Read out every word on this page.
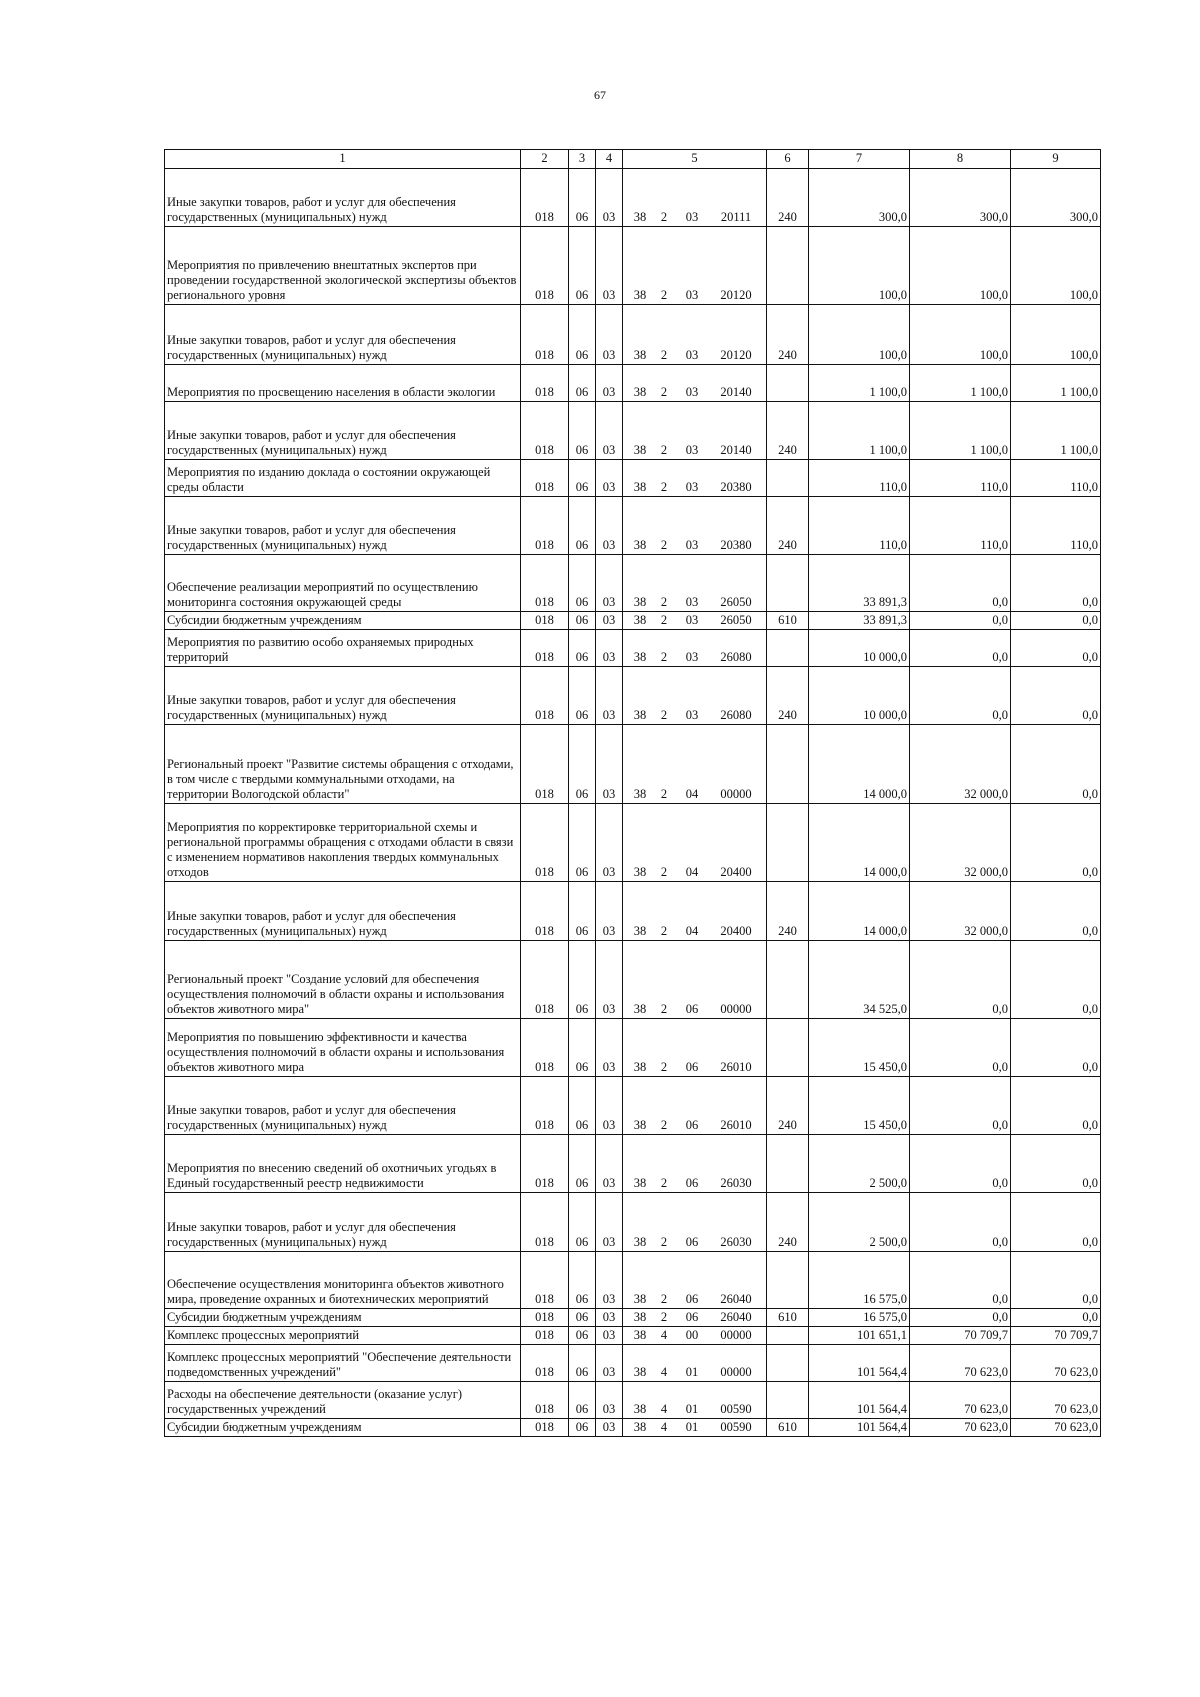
67
1	2	3	4	5	6	7	8	9
Иные закупки товаров, работ и услуг для обеспечения государственных (муниципальных) нужд	018	06	03	38 2 03 20111	240	300,0	300,0	300,0
Мероприятия по привлечению внештатных экспертов при проведении государственной экологической экспертизы объектов регионального уровня	018	06	03	38 2 03 20120		100,0	100,0	100,0
Иные закупки товаров, работ и услуг для обеспечения государственных (муниципальных) нужд	018	06	03	38 2 03 20120	240	100,0	100,0	100,0
Мероприятия по просвещению населения в области экологии	018	06	03	38 2 03 20140		1 100,0	1 100,0	1 100,0
Иные закупки товаров, работ и услуг для обеспечения государственных (муниципальных) нужд	018	06	03	38 2 03 20140	240	1 100,0	1 100,0	1 100,0
Мероприятия по изданию доклада о состоянии окружающей среды области	018	06	03	38 2 03 20380		110,0	110,0	110,0
Иные закупки товаров, работ и услуг для обеспечения государственных (муниципальных) нужд	018	06	03	38 2 03 20380	240	110,0	110,0	110,0
Обеспечение реализации мероприятий по осуществлению мониторинга состояния окружающей среды	018	06	03	38 2 03 26050		33 891,3	0,0	0,0
Субсидии бюджетным учреждениям	018	06	03	38 2 03 26050	610	33 891,3	0,0	0,0
Мероприятия по развитию особо охраняемых природных территорий	018	06	03	38 2 03 26080		10 000,0	0,0	0,0
Иные закупки товаров, работ и услуг для обеспечения государственных (муниципальных) нужд	018	06	03	38 2 03 26080	240	10 000,0	0,0	0,0
Региональный проект "Развитие системы обращения с отходами, в том числе с твердыми коммунальными отходами, на территории Вологодской области"	018	06	03	38 2 04 00000		14 000,0	32 000,0	0,0
Мероприятия по корректировке территориальной схемы и региональной программы обращения с отходами области в связи с изменением нормативов накопления твердых коммунальных отходов	018	06	03	38 2 04 20400		14 000,0	32 000,0	0,0
Иные закупки товаров, работ и услуг для обеспечения государственных (муниципальных) нужд	018	06	03	38 2 04 20400	240	14 000,0	32 000,0	0,0
Региональный проект "Создание условий для обеспечения осуществления полномочий в области охраны и использования объектов животного мира"	018	06	03	38 2 06 00000		34 525,0	0,0	0,0
Мероприятия по повышению эффективности и качества осуществления полномочий в области охраны и использования объектов животного мира	018	06	03	38 2 06 26010		15 450,0	0,0	0,0
Иные закупки товаров, работ и услуг для обеспечения государственных (муниципальных) нужд	018	06	03	38 2 06 26010	240	15 450,0	0,0	0,0
Мероприятия по внесению сведений об охотничьих угодьях в Единый государственный реестр недвижимости	018	06	03	38 2 06 26030		2 500,0	0,0	0,0
Иные закупки товаров, работ и услуг для обеспечения государственных (муниципальных) нужд	018	06	03	38 2 06 26030	240	2 500,0	0,0	0,0
Обеспечение осуществления мониторинга объектов животного мира, проведение охранных и биотехнических мероприятий	018	06	03	38 2 06 26040		16 575,0	0,0	0,0
Субсидии бюджетным учреждениям	018	06	03	38 2 06 26040	610	16 575,0	0,0	0,0
Комплекс процессных мероприятий	018	06	03	38 4 00 00000		101 651,1	70 709,7	70 709,7
Комплекс процессных мероприятий "Обеспечение деятельности подведомственных учреждений"	018	06	03	38 4 01 00000		101 564,4	70 623,0	70 623,0
Расходы на обеспечение деятельности (оказание услуг) государственных учреждений	018	06	03	38 4 01 00590		101 564,4	70 623,0	70 623,0
Субсидии бюджетным учреждениям	018	06	03	38 4 01 00590	610	101 564,4	70 623,0	70 623,0
